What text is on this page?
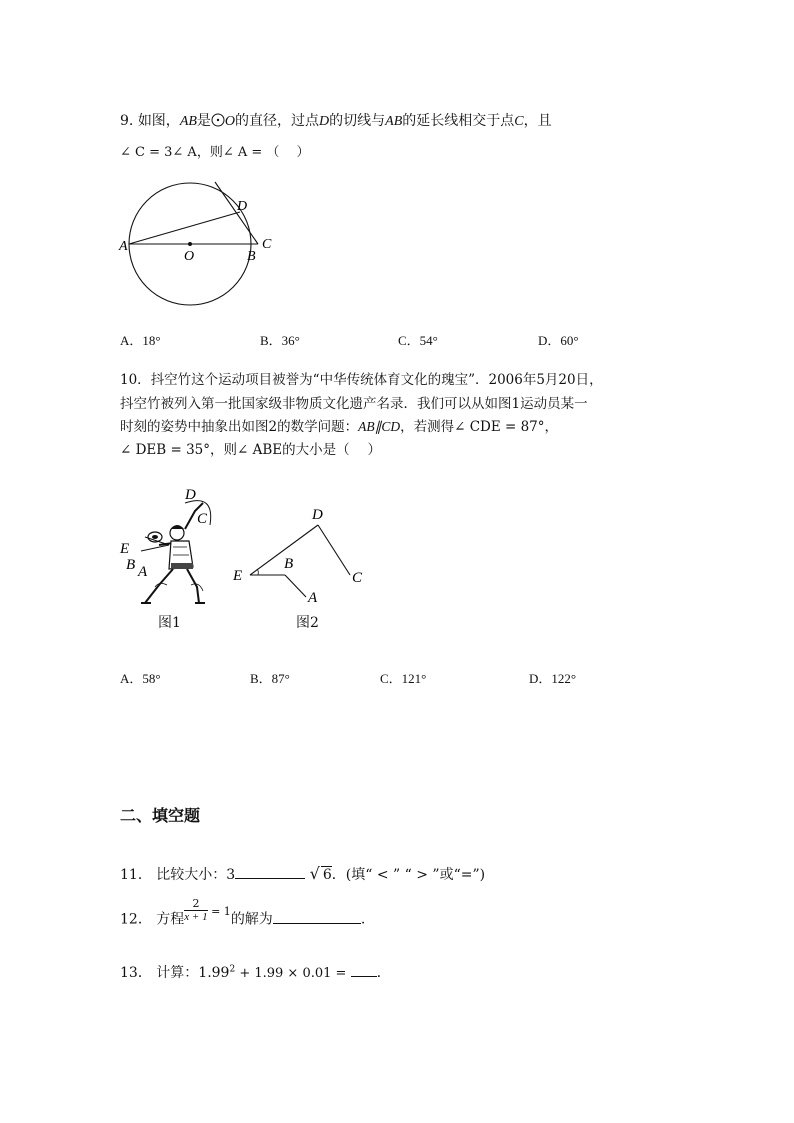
9. 如图，AB是 O的直径，过点D的切线与AB的延长线相交于点C，且
∠ C = 3∠ A，则∠ A = （　 ）
A
O	B
C
D
A．18°	B．36°	C．54°	D．60°
10．抖空竹这个运动项目被誉为“中华传统体育文化的瑰宝”．2006年5月20日，
抖空竹被列入第一批国家级非物质文化遗产名录．我们可以从如图1运动员某一
时刻的姿势中抽象出如图2的数学问题：AB∥CD，若测得∠ CDE = 87°，
∠ DEB = 35°，则∠ ABE的大小是（　 ）
D
C
E
B A
图1
D
E
B
C
A
图2
A．58°	B．87°	C．121°	D．122°
二、填空题
11． 比较大小：3	√ 6．(填“ < ” “ > ”或“=”)
12． 方程 $\frac{2}{x + 1} ^{= 1}$的解为	.
13． 计算：$1.99^2 + 1.99 \times 0.01$ = .
